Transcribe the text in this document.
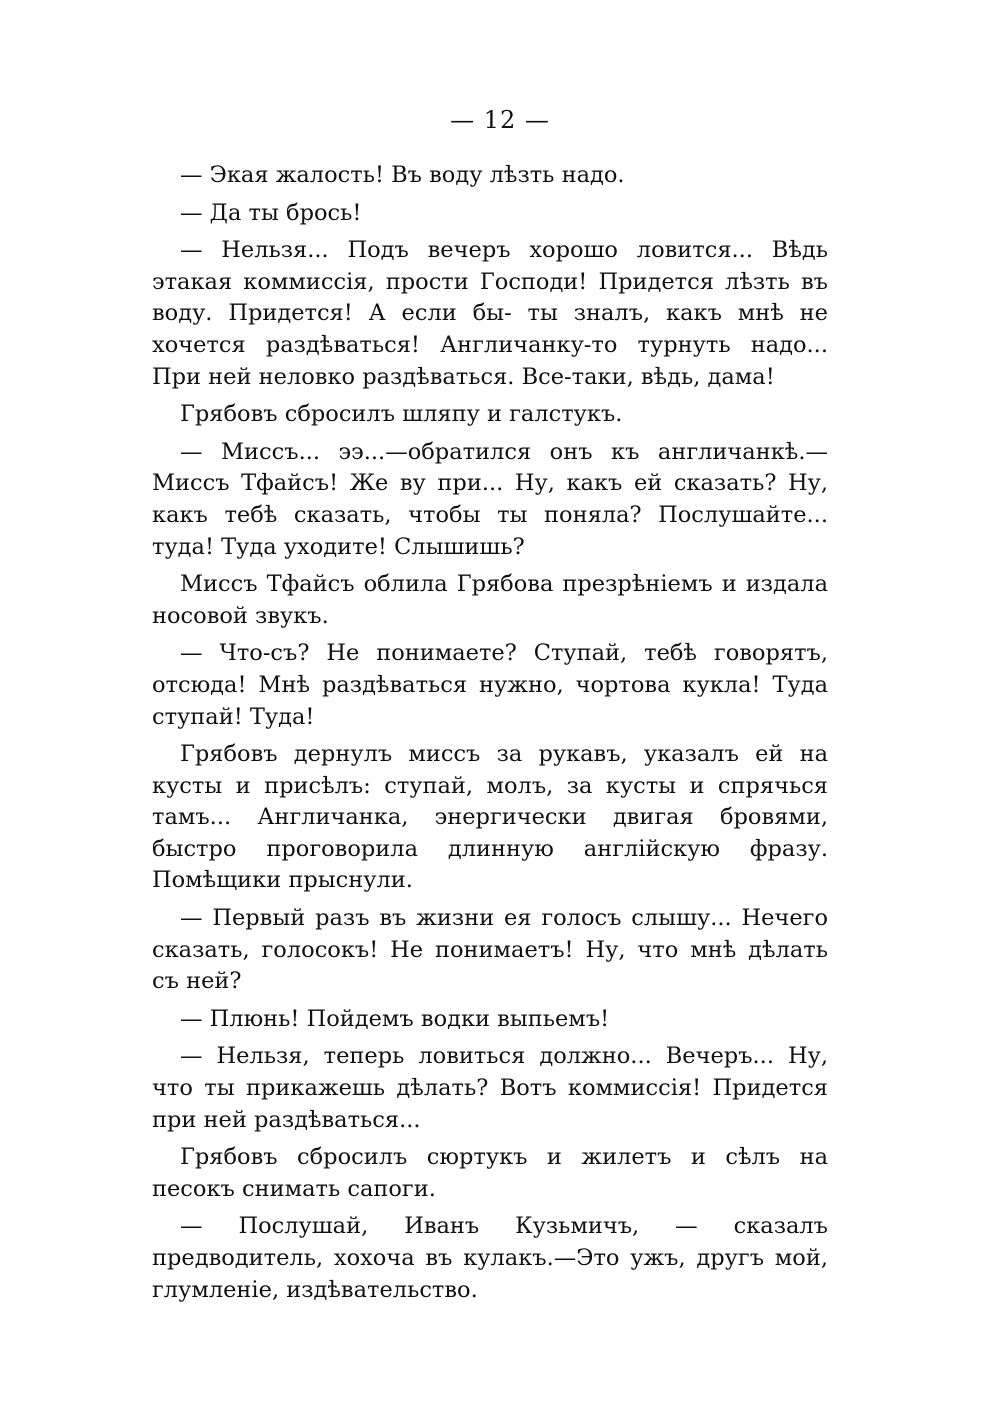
— 12 —

— Экая жалость! Въ воду лѣзть надо.

— Да ты брось!

— Нельзя... Подъ вечеръ хорошо ловится... Вѣдь этакая коммиссія, прости Господи! Придется лѣзть въ воду. Придется! А если бы- ты зналъ, какъ мнѣ не хочется раздѣваться! Англичанку-то турнуть надо... При ней неловко раздѣваться. Все-таки, вѣдь, дама!

Грябовъ сбросилъ шляпу и галстукъ.

— Миссъ... ээ...—обратился онъ къ англичанкѣ.—Миссъ Тфайсъ! Же ву при... Ну, какъ ей сказать? Ну, какъ тебѣ сказать, чтобы ты поняла? Послушайте... туда! Туда уходите! Слышишь?

Миссъ Тфайсъ облила Грябова презрѣніемъ и издала носовой звукъ.

— Что-съ? Не понимаете? Ступай, тебѣ говорятъ, отсюда! Мнѣ раздѣваться нужно, чортова кукла! Туда ступай! Туда!

Грябовъ дернулъ миссъ за рукавъ, указалъ ей на кусты и присѣлъ: ступай, молъ, за кусты и спрячься тамъ... Англичанка, энергически двигая бровями, быстро проговорила длинную англійскую фразу. Помѣщики прыснули.

— Первый разъ въ жизни ея голосъ слышу... Нечего сказать, голосокъ! Не понимаетъ! Ну, что мнѣ дѣлать съ ней?

— Плюнь! Пойдемъ водки выпьемъ!

— Нельзя, теперь ловиться должно... Вечеръ... Ну, что ты прикажешь дѣлать? Вотъ коммиссія! Придется при ней раздѣваться...

Грябовъ сбросилъ сюртукъ и жилетъ и сѣлъ на песокъ снимать сапоги.

— Послушай, Иванъ Кузьмичъ, — сказалъ предводитель, хохоча въ кулакъ.—Это ужъ, другъ мой, глумленіе, издѣвательство.
